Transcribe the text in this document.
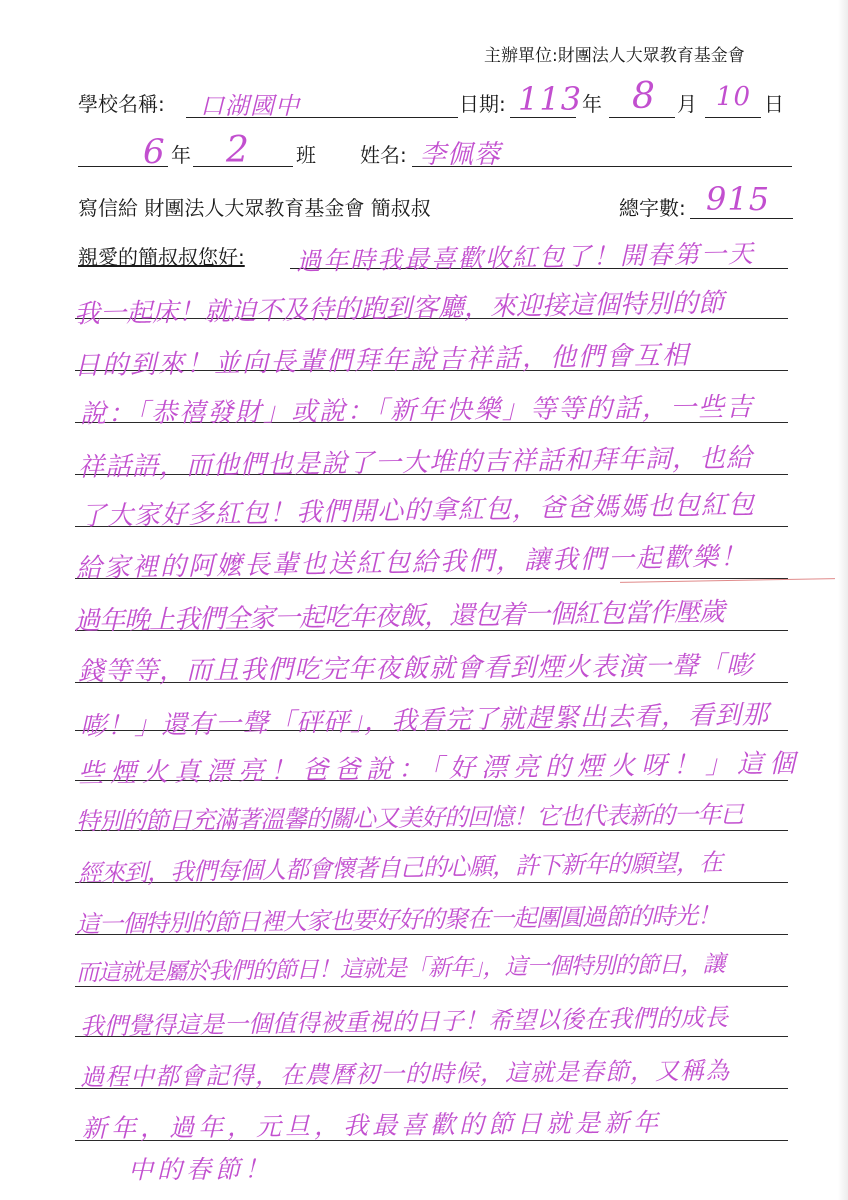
主辦單位:財團法人大眾教育基金會
學校名稱: 口湖國中	日期: 113 年 8 月 10 日
6 年 2 班 姓名: 李佩蓉
寫信給 財團法人大眾教育基金會 簡叔叔	總字數: 915
親愛的簡叔叔您好: 過年時我最喜歡收紅包了！開春第一天
我一起床！就迫不及待的跑到客廳，來迎接這個特別的節
日的到來！並向長輩們拜年說吉祥話，他們會互相
說：「恭禧發財」或說：「新年快樂」等等的話，一些吉
祥話語，而他們也是說了一大堆的吉祥話和拜年詞，也給
了大家好多紅包！我們開心的拿紅包，爸爸媽媽也包紅包
給家裡的阿嬤長輩也送紅包給我們，讓我們一起歡樂！
過年晚上我們全家一起吃年夜飯，還包着一個紅包當作壓歲
錢等等，而且我們吃完年夜飯就會看到煙火表演一聲「嘭
嘭！」還有一聲「砰砰」，我看完了就趕緊出去看，看到那
些煙火真漂亮！爸爸說：「好漂亮的煙火呀！」這個
特別的節日充滿著溫馨的關心又美好的回憶！它也代表新的一年已
經來到，我們每個人都會懷著自己的心願，許下新年的願望，在
這一個特別的節日裡大家也要好好的聚在一起團圓過節的時光！
而這就是屬於我們的節日！這就是「新年」，這一個特別的節日，讓
我們覺得這是一個值得被重視的日子！希望以後在我們的成長
過程中都會記得，在農曆初一的時候，這就是春節，又稱為
新年，過年，元旦，我最喜歡的節日就是新年
中的春節！
